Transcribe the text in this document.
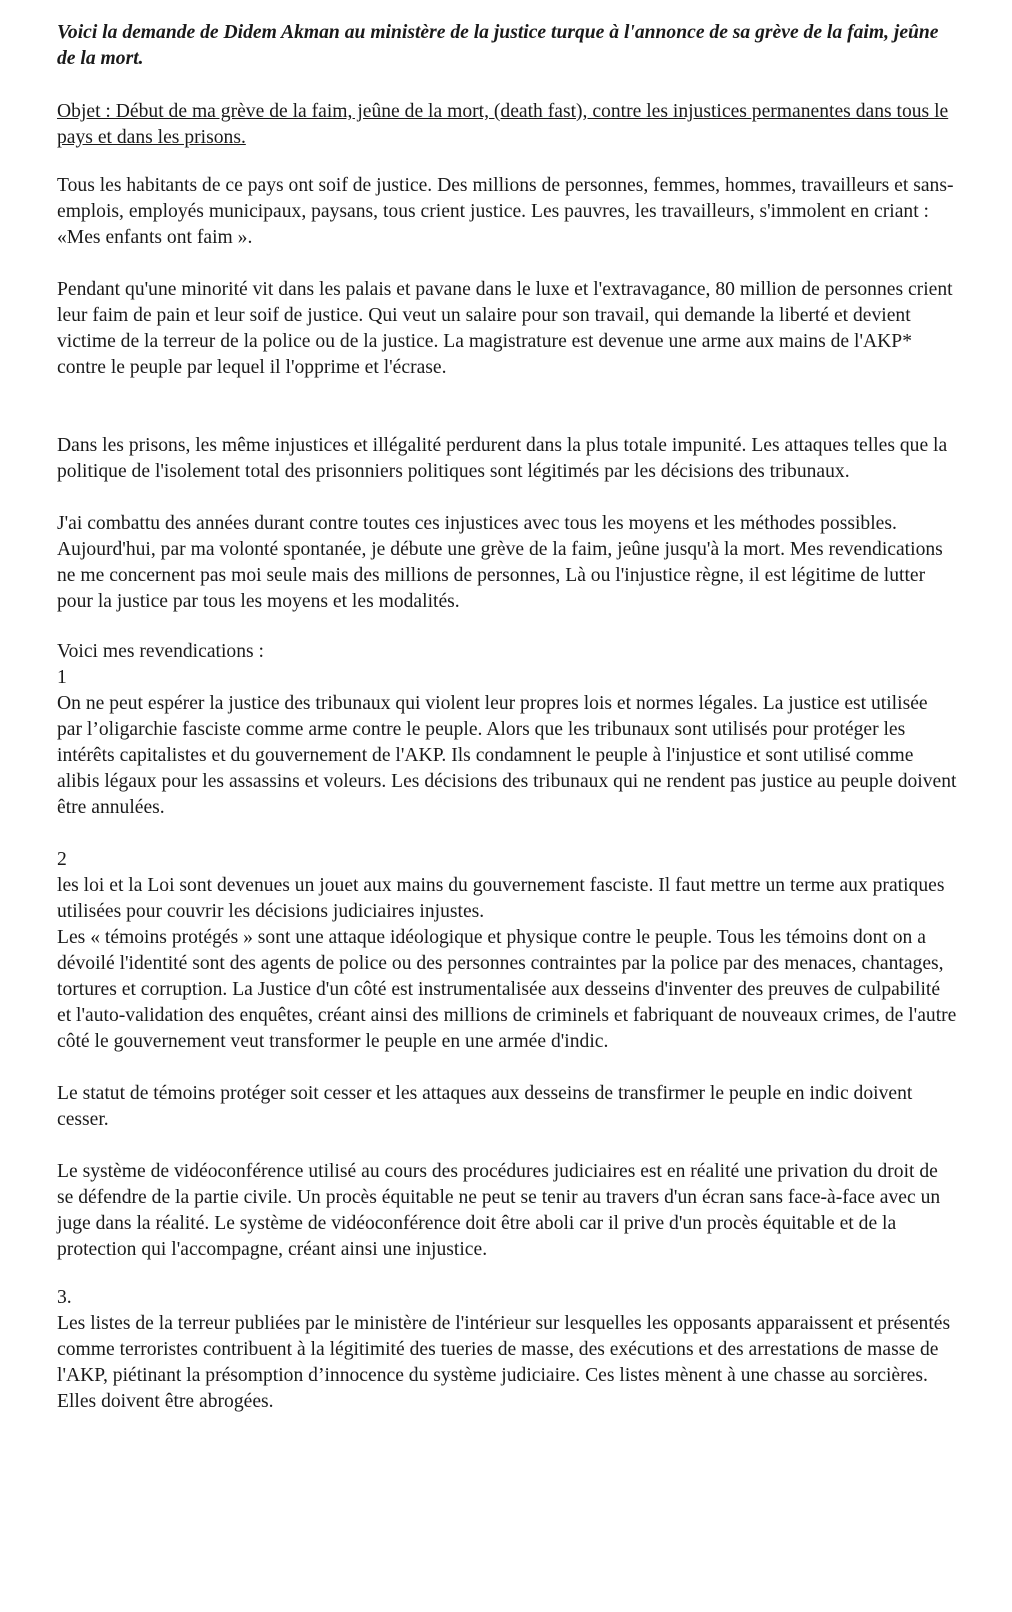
Voici la demande de Didem Akman au ministère de la justice turque à l'annonce de sa grève de la faim, jeûne de la mort.

Objet : Début de ma grève de la faim, jeûne de la mort, (death fast), contre les injustices permanentes dans tous le pays et dans les prisons.

Tous les habitants de ce pays ont soif de justice. Des millions de personnes, femmes, hommes, travailleurs et sans-emplois, employés municipaux, paysans, tous crient justice. Les pauvres, les travailleurs, s'immolent en criant : «Mes enfants ont faim ».

Pendant qu'une minorité vit dans les palais et pavane dans le luxe et l'extravagance, 80 million de personnes crient leur faim de pain et leur soif de justice. Qui veut un salaire pour son travail, qui demande la liberté et devient victime de la terreur de la police ou de la justice. La magistrature est devenue une arme aux mains de l'AKP* contre le peuple par lequel il l'opprime et l'écrase.

Dans les prisons, les même injustices et illégalité perdurent dans la plus totale impunité. Les attaques telles que la politique de l'isolement total des prisonniers politiques sont légitimés par les décisions des tribunaux.

J'ai combattu des années durant contre toutes ces injustices avec tous les moyens et les méthodes possibles. Aujourd'hui, par ma volonté spontanée, je débute une grève de la faim, jeûne jusqu'à la mort. Mes revendications ne me concernent pas moi seule mais des millions de personnes, Là ou l'injustice règne, il est légitime de lutter pour la justice par tous les moyens et les modalités.

Voici mes revendications :

1

On ne peut espérer la justice des tribunaux qui violent leur propres lois et normes légales. La justice est utilisée par l’oligarchie fasciste comme arme contre le peuple. Alors que les tribunaux sont utilisés pour protéger les intérêts capitalistes et du gouvernement de l'AKP. Ils condamnent le peuple à l'injustice et sont utilisé comme alibis légaux pour les assassins et voleurs. Les décisions des tribunaux qui ne rendent pas justice au peuple doivent être annulées.

2

les loi et la Loi sont devenues un jouet aux mains du gouvernement fasciste. Il faut mettre un terme aux pratiques utilisées pour couvrir les décisions judiciaires injustes.

Les « témoins protégés » sont une attaque idéologique et physique contre le peuple. Tous les témoins dont on a dévoilé l'identité sont des agents de police ou des personnes contraintes par la police par des menaces, chantages, tortures et corruption. La Justice d'un côté est instrumentalisée aux desseins d'inventer des preuves de culpabilité et l'auto-validation des enquêtes, créant ainsi des millions de criminels et fabriquant de nouveaux crimes, de l'autre côté le gouvernement veut transformer le peuple en une armée d'indic.

Le statut de témoins protéger soit cesser et les attaques aux desseins de transfirmer le peuple en indic doivent cesser.

Le système de vidéoconférence utilisé au cours des procédures judiciaires est en réalité une privation du droit de se défendre de la partie civile. Un procès équitable ne peut se tenir au travers d'un écran sans face-à-face avec un juge dans la réalité. Le système de vidéoconférence doit être aboli car il prive d'un procès équitable et de la protection qui l'accompagne, créant ainsi une injustice.

3.

Les listes de la terreur publiées par le ministère de l'intérieur sur lesquelles les opposants apparaissent et présentés comme terroristes contribuent à la légitimité des tueries de masse, des exécutions et des arrestations de masse de l'AKP, piétinant la présomption d’innocence du système judiciaire. Ces listes mènent à une chasse au sorcières. Elles doivent être abrogées.
